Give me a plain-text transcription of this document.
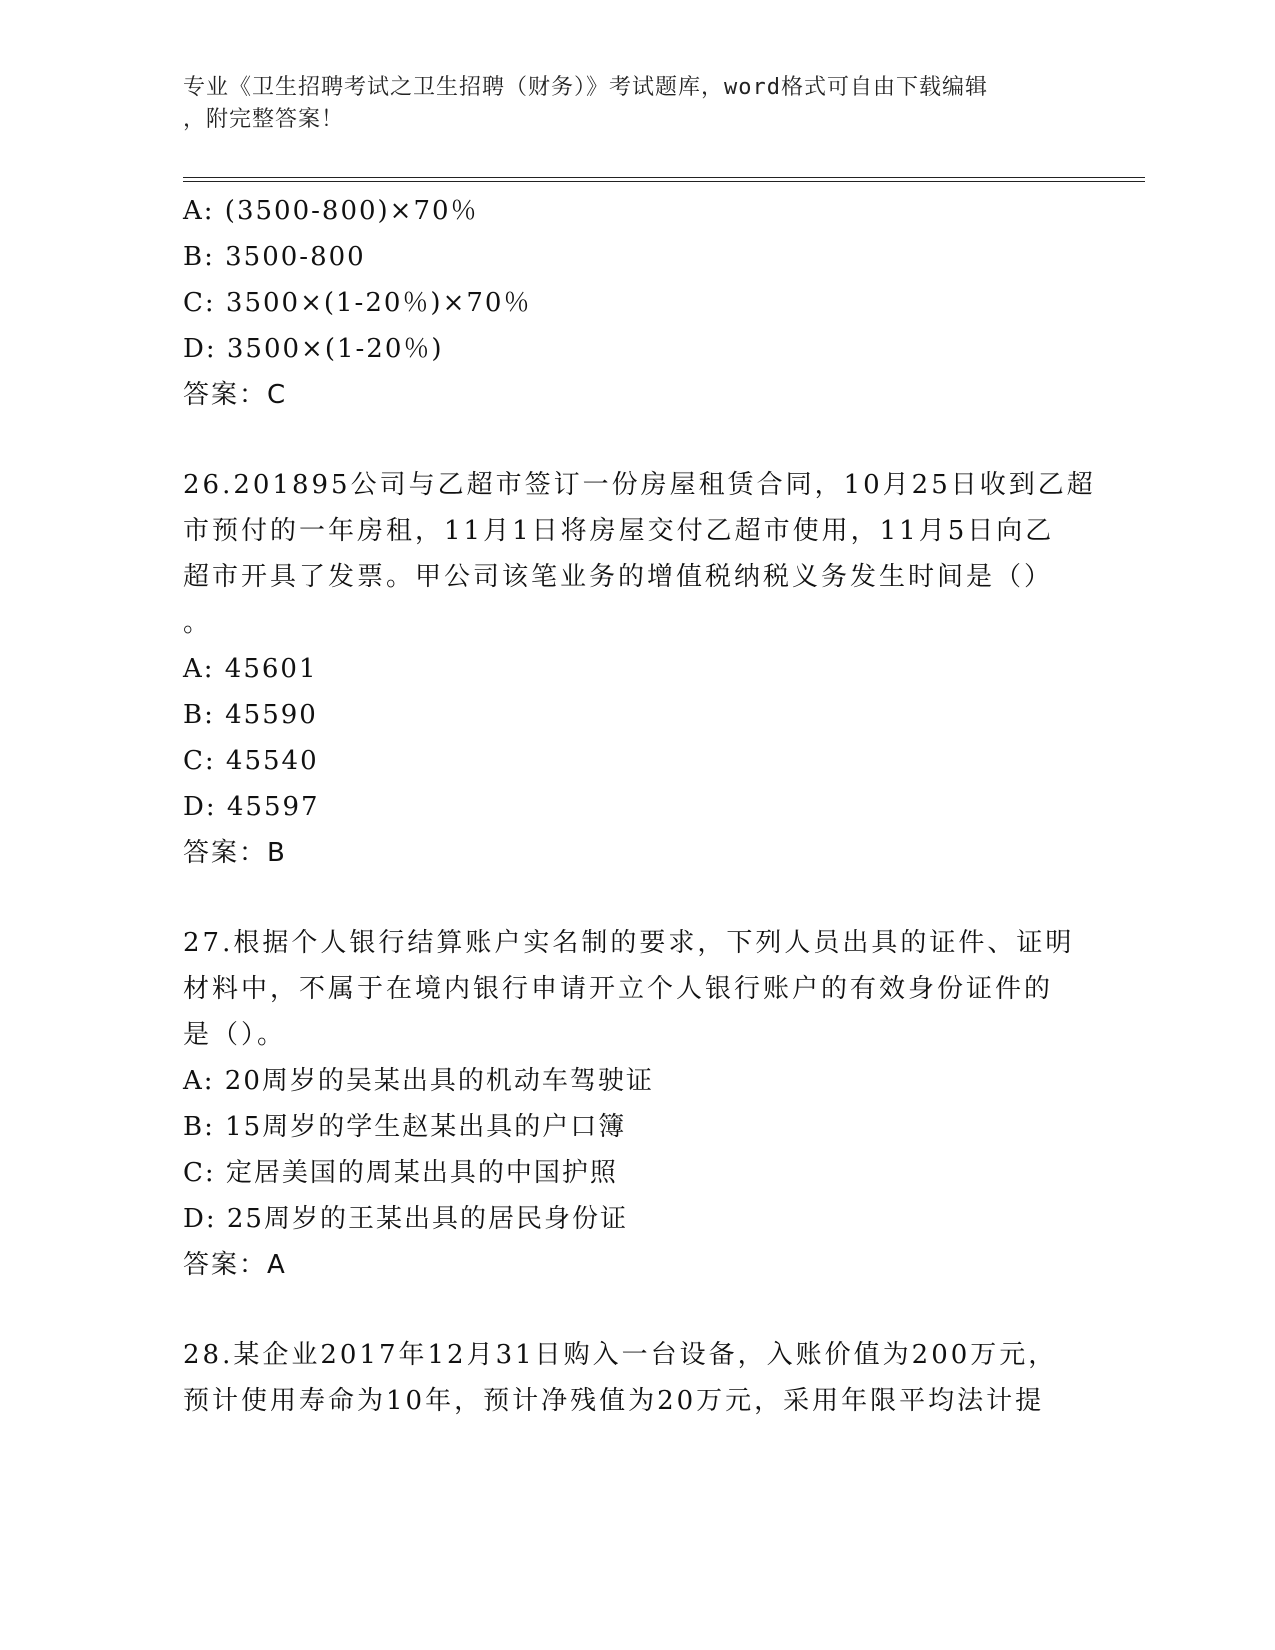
专业《卫生招聘考试之卫生招聘（财务）》考试题库，word格式可自由下载编辑
，附完整答案！
A: (3500-800)×70％
B: 3500-800
C: 3500×(1-20％)×70％
D: 3500×(1-20％)
答案：C
26.201895公司与乙超市签订一份房屋租赁合同，10月25日收到乙超
市预付的一年房租，11月1日将房屋交付乙超市使用，11月5日向乙
超市开具了发票。甲公司该笔业务的增值税纳税义务发生时间是（）
。
A: 45601
B: 45590
C: 45540
D: 45597
答案：B
27.根据个人银行结算账户实名制的要求，下列人员出具的证件、证明
材料中，不属于在境内银行申请开立个人银行账户的有效身份证件的
是（）。
A: 20周岁的吴某出具的机动车驾驶证
B: 15周岁的学生赵某出具的户口簿
C: 定居美国的周某出具的中国护照
D: 25周岁的王某出具的居民身份证
答案：A
28.某企业2017年12月31日购入一台设备，入账价值为200万元，
预计使用寿命为10年，预计净残值为20万元，采用年限平均法计提
